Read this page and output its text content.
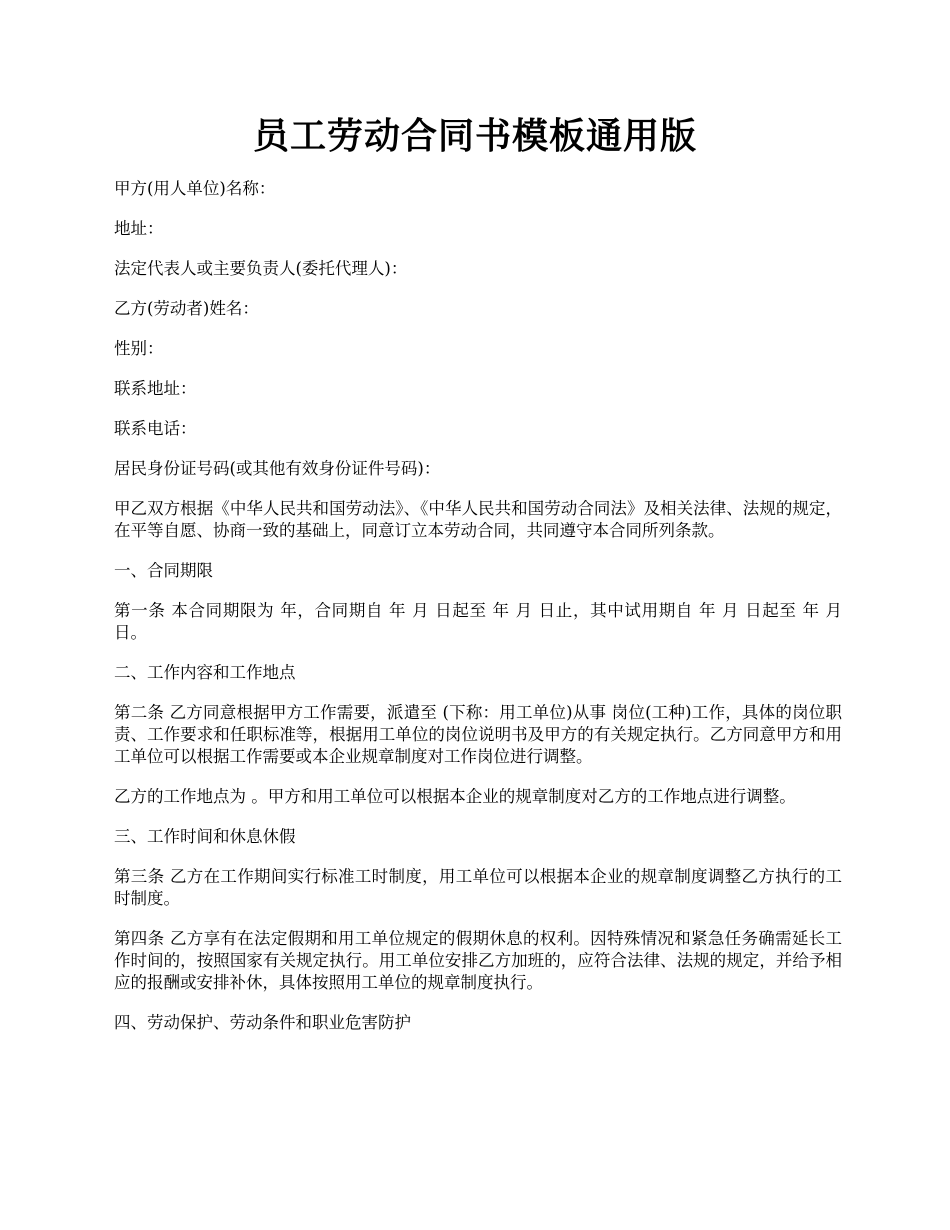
员工劳动合同书模板通用版

甲方(用人单位)名称：

地址：

法定代表人或主要负责人(委托代理人)：

乙方(劳动者)姓名：

性别：

联系地址：

联系电话：

居民身份证号码(或其他有效身份证件号码)：

甲乙双方根据《中华人民共和国劳动法》、《中华人民共和国劳动合同法》及相关法律、法规的规定，在平等自愿、协商一致的基础上，同意订立本劳动合同，共同遵守本合同所列条款。

一、合同期限

第一条 本合同期限为 年，合同期自 年 月 日起至 年 月 日止，其中试用期自 年 月 日起至 年 月 日。

二、工作内容和工作地点

第二条 乙方同意根据甲方工作需要，派遣至 (下称：用工单位)从事 岗位(工种)工作，具体的岗位职责、工作要求和任职标准等，根据用工单位的岗位说明书及甲方的有关规定执行。乙方同意甲方和用工单位可以根据工作需要或本企业规章制度对工作岗位进行调整。

乙方的工作地点为 。甲方和用工单位可以根据本企业的规章制度对乙方的工作地点进行调整。

三、工作时间和休息休假

第三条 乙方在工作期间实行标准工时制度，用工单位可以根据本企业的规章制度调整乙方执行的工时制度。

第四条 乙方享有在法定假期和用工单位规定的假期休息的权利。因特殊情况和紧急任务确需延长工作时间的，按照国家有关规定执行。用工单位安排乙方加班的，应符合法律、法规的规定，并给予相应的报酬或安排补休，具体按照用工单位的规章制度执行。

四、劳动保护、劳动条件和职业危害防护
